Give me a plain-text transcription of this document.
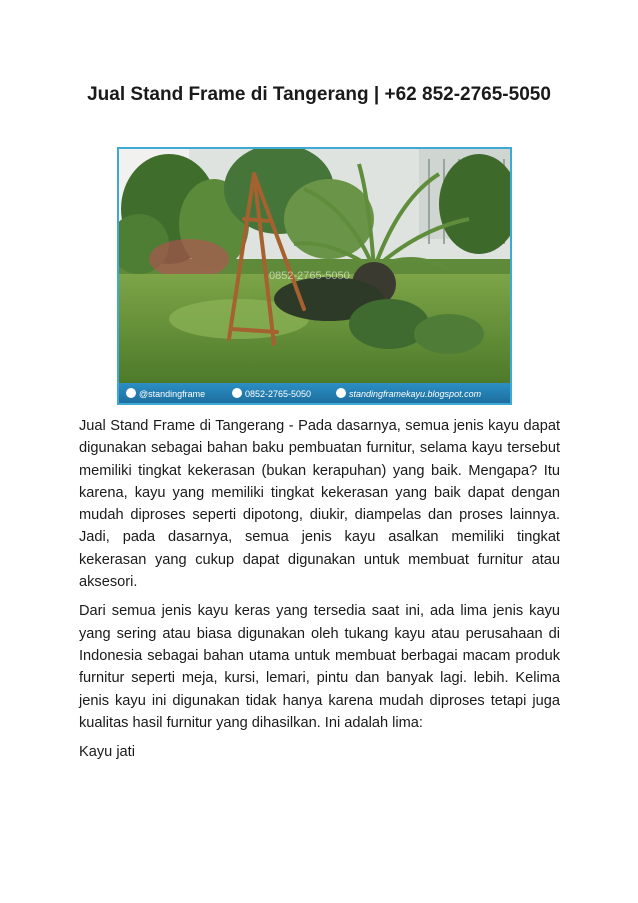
Jual Stand Frame di Tangerang | +62 852-2765-5050
0852-2765-5050
@standingframe	0852-2765-5050	standingframekayu.blogspot.com

Jual Stand Frame di Tangerang - Pada dasarnya, semua jenis kayu dapat digunakan sebagai bahan baku pembuatan furnitur, selama kayu tersebut memiliki tingkat kekerasan (bukan kerapuhan) yang baik. Mengapa? Itu karena, kayu yang memiliki tingkat kekerasan yang baik dapat dengan mudah diproses seperti dipotong, diukir, diampelas dan proses lainnya. Jadi, pada dasarnya, semua jenis kayu asalkan memiliki tingkat kekerasan yang cukup dapat digunakan untuk membuat furnitur atau aksesori.

Dari semua jenis kayu keras yang tersedia saat ini, ada lima jenis kayu yang sering atau biasa digunakan oleh tukang kayu atau perusahaan di Indonesia sebagai bahan utama untuk membuat berbagai macam produk furnitur seperti meja, kursi, lemari, pintu dan banyak lagi. lebih. Kelima jenis kayu ini digunakan tidak hanya karena mudah diproses tetapi juga kualitas hasil furnitur yang dihasilkan. Ini adalah lima:

Kayu jati
